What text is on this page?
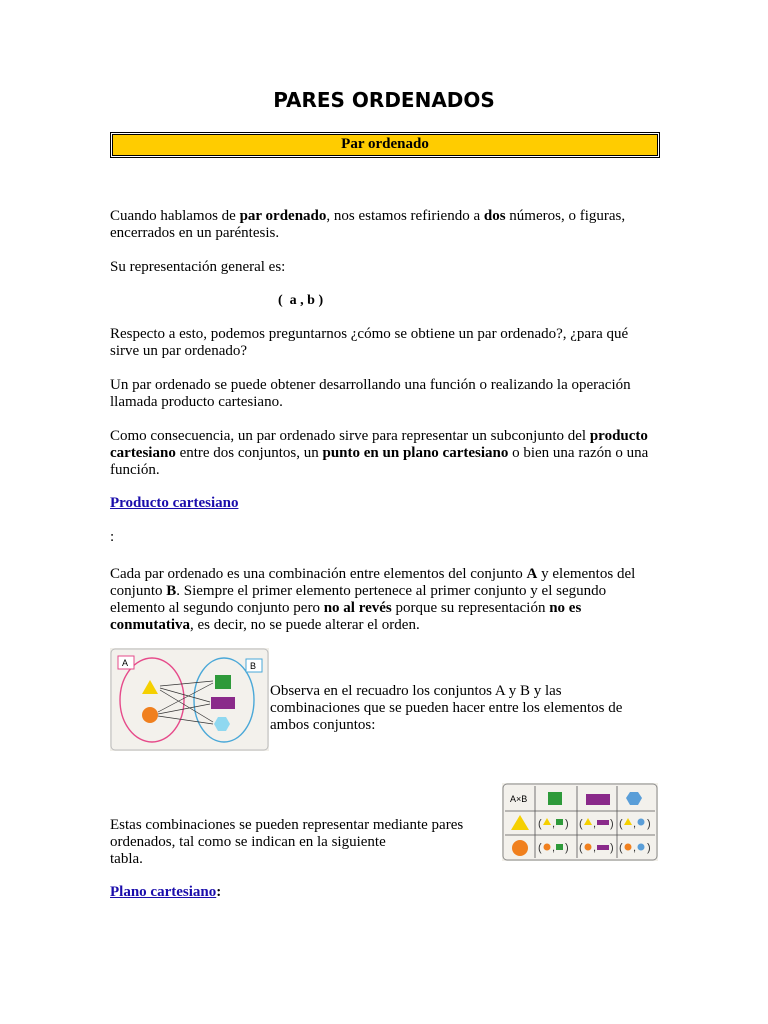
PARES ORDENADOS
Par ordenado

Cuando hablamos de par ordenado, nos estamos refiriendo a dos números, o figuras, encerrados en un paréntesis.

Su representación general es:

(  a , b )

Respecto a esto, podemos preguntarnos ¿cómo se obtiene un par ordenado?, ¿para qué sirve un par ordenado?

Un par ordenado se puede obtener desarrollando una función o realizando la operación llamada producto cartesiano.

Como consecuencia, un par ordenado sirve para representar un subconjunto del producto cartesiano entre dos conjuntos, un punto en un plano cartesiano o bien una razón o una función.

Producto cartesiano

:

Cada par ordenado es una combinación entre elementos del conjunto A y elementos del conjunto B. Siempre el primer elemento pertenece al primer conjunto y el segundo elemento al segundo conjunto pero no al revés porque su representación no es conmutativa, es decir, no se puede alterar el orden.

A	B
Observa en el recuadro los conjuntos A y B y las combinaciones que se pueden hacer entre los elementos de ambos conjuntos:
A×B
( , ) ( , ) ( , )
( , ) ( , ) ( , )
Estas combinaciones se pueden representar mediante pares
ordenados, tal como se indican en la siguiente
tabla.

Plano cartesiano:
